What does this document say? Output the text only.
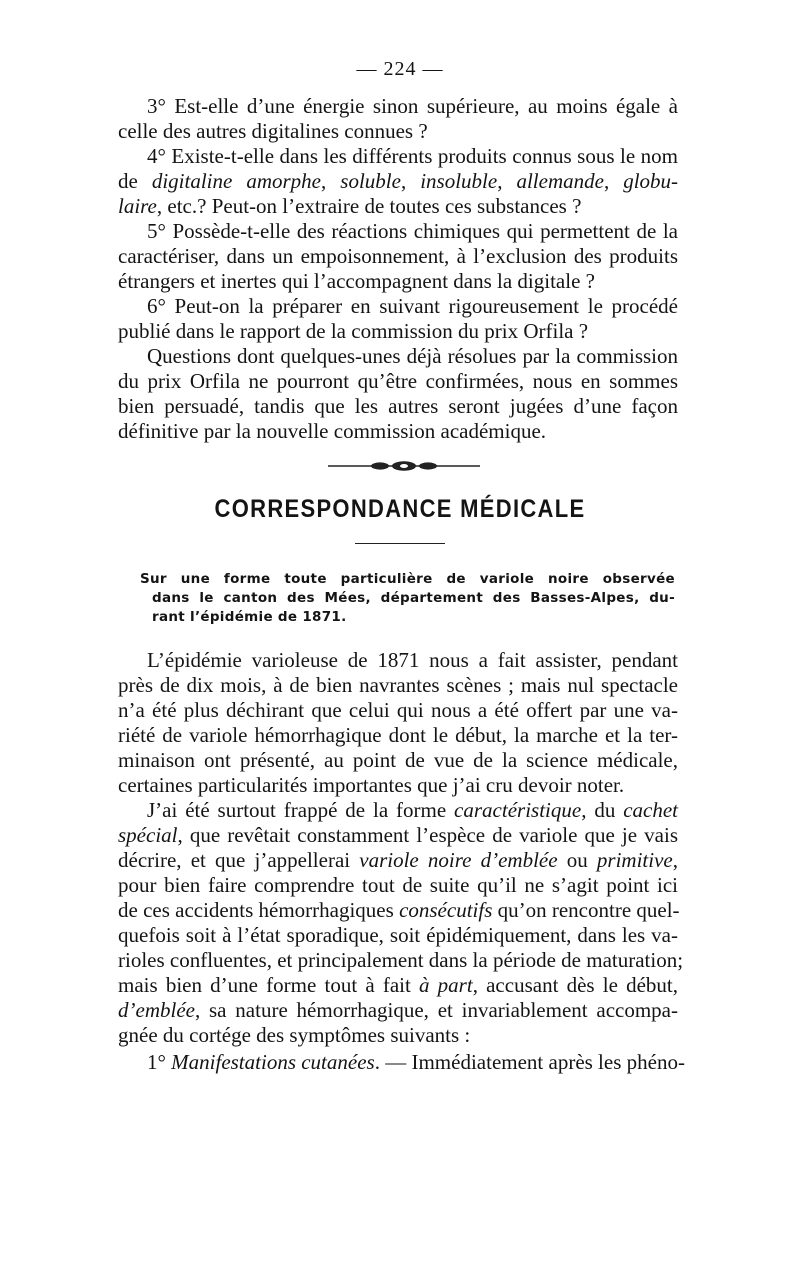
— 224 —
3° Est-elle d’une énergie sinon supérieure, au moins égale à
celle des autres digitalines connues ?
4° Existe-t-elle dans les différents produits connus sous le nom
de digitaline amorphe, soluble, insoluble, allemande, globu-
laire, etc.? Peut-on l’extraire de toutes ces substances ?
5° Possède-t-elle des réactions chimiques qui permettent de la
caractériser, dans un empoisonnement, à l’exclusion des produits
étrangers et inertes qui l’accompagnent dans la digitale ?
6° Peut-on la préparer en suivant rigoureusement le procédé
publié dans le rapport de la commission du prix Orfila ?
Questions dont quelques-unes déjà résolues par la commission
du prix Orfila ne pourront qu’être confirmées, nous en sommes
bien persuadé, tandis que les autres seront jugées d’une façon
définitive par la nouvelle commission académique.
CORRESPONDANCE MÉDICALE
Sur une forme toute particulière de variole noire observée
dans le canton des Mées, département des Basses-Alpes, du-
rant l’épidémie de 1871.
L’épidémie varioleuse de 1871 nous a fait assister, pendant
près de dix mois, à de bien navrantes scènes ; mais nul spectacle
n’a été plus déchirant que celui qui nous a été offert par une va-
riété de variole hémorrhagique dont le début, la marche et la ter-
minaison ont présenté, au point de vue de la science médicale,
certaines particularités importantes que j’ai cru devoir noter.
J’ai été surtout frappé de la forme caractéristique, du cachet
spécial, que revêtait constamment l’espèce de variole que je vais
décrire, et que j’appellerai variole noire d’emblée ou primitive,
pour bien faire comprendre tout de suite qu’il ne s’agit point ici
de ces accidents hémorrhagiques consécutifs qu’on rencontre quel-
quefois soit à l’état sporadique, soit épidémiquement, dans les va-
rioles confluentes, et principalement dans la période de maturation;
mais bien d’une forme tout à fait à part, accusant dès le début,
d’emblée, sa nature hémorrhagique, et invariablement accompa-
gnée du cortége des symptômes suivants :
1° Manifestations cutanées. — Immédiatement après les phéno-
